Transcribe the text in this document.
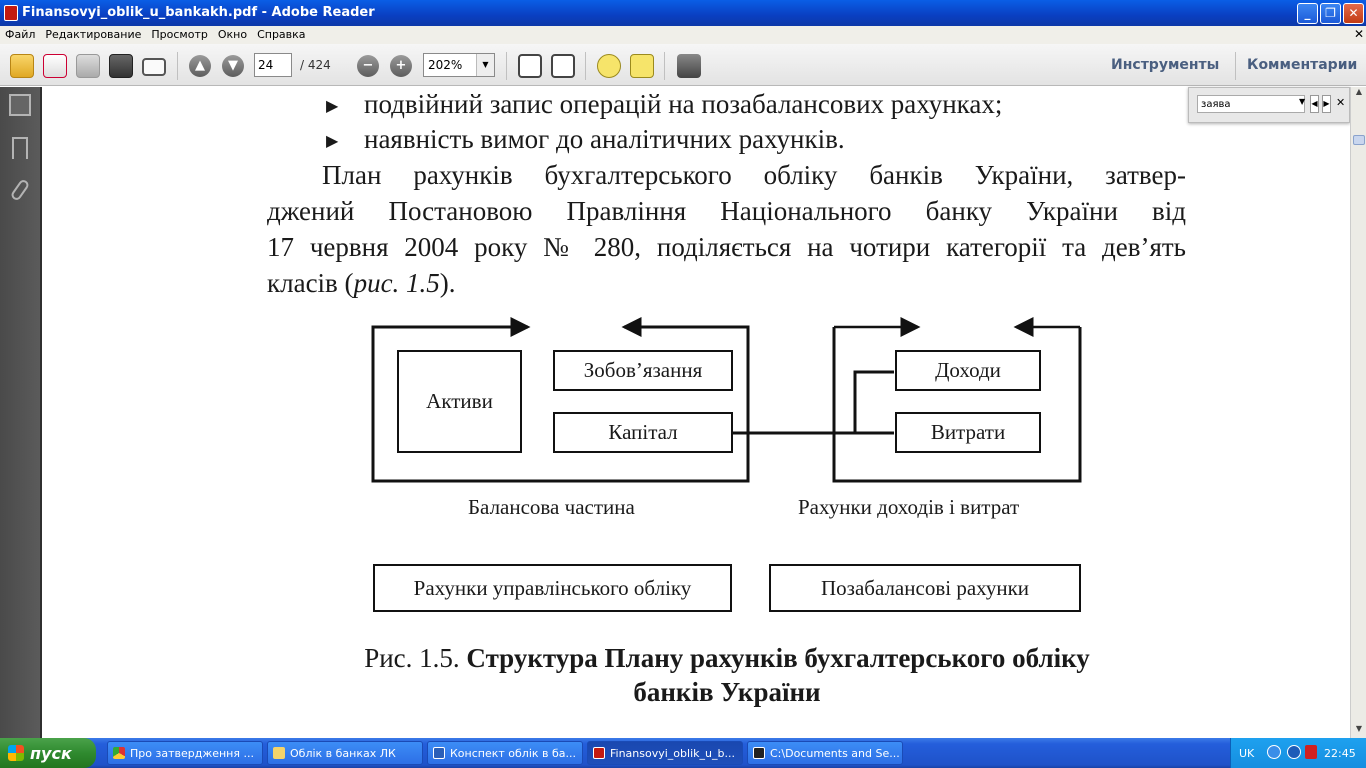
Finansovyi_oblik_u_bankakh.pdf - Adobe Reader	_	❐	✕
Файл Редактирование Просмотр Окно Справка	✕
▲	▼	−	+
24
/ 424	202%	▼	Инструменты Комментарии
▶ подвійний запис операцій на позабалансових рахунках;
▶ наявність вимог до аналітичних рахунків.
План рахунків бухгалтерського обліку банків України, затвер-
джений Постановою Правління Національного банку України від
17 червня 2004 року № 280, поділяється на чотири категорії та дев’ять
класів (рис. 1.5).
Активи
Зобов’язання
Капітал
Доходи
Витрати
Балансова частина	Рахунки доходів і витрат
Рахунки управлінського обліку	Позабалансові рахунки
Рис. 1.5. Структура Плану рахунків бухгалтерського обліку
банків України
заява
▼ ◀ ▶ ✕
▲
▼
пуск	Про затвердження ...	Облік в банках ЛК	Конспект облік в ба...	Finansovyi_oblik_u_b...	C:\Documents and Se...	UK	22:45
